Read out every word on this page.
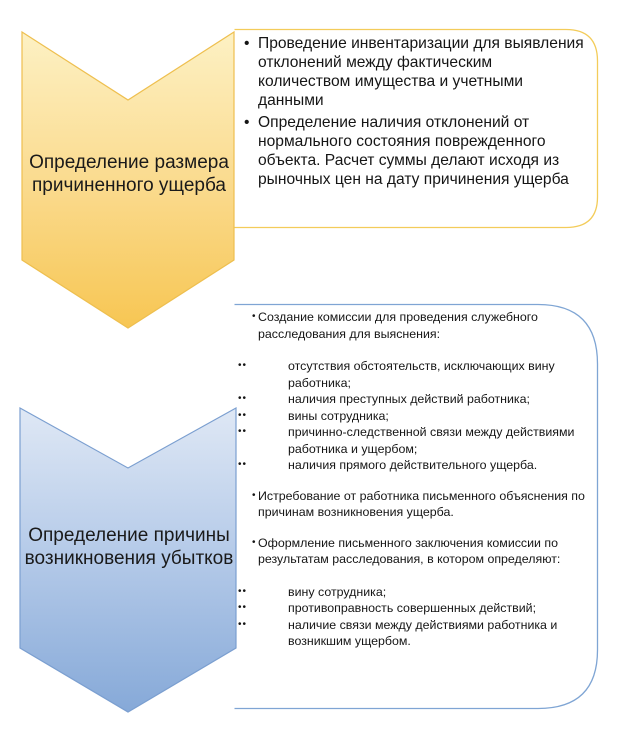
Определение размера причиненного ущерба
Определение причины возникновения убытков
• Проведение инвентаризации для выявления отклонений между фактическим количеством имущества и учетными данными
• Определение наличия отклонений от нормального состояния поврежденного объекта. Расчет суммы делают исходя из рыночных цен на дату причинения ущерба
• Создание комиссии для проведения служебного расследования для выяснения:
••	отсутствия обстоятельств, исключающих вину работника;
••	наличия преступных действий работника;
••	вины сотрудника;
••	причинно-следственной связи между действиями работника и ущербом;
••	наличия прямого действительного ущерба.
• Истребование от работника письменного объяснения по причинам возникновения ущерба.
• Оформление письменного заключения комиссии по результатам расследования, в котором определяют:
••	вину сотрудника;
••	противоправность совершенных действий;
••	наличие связи между действиями работника и возникшим ущербом.
